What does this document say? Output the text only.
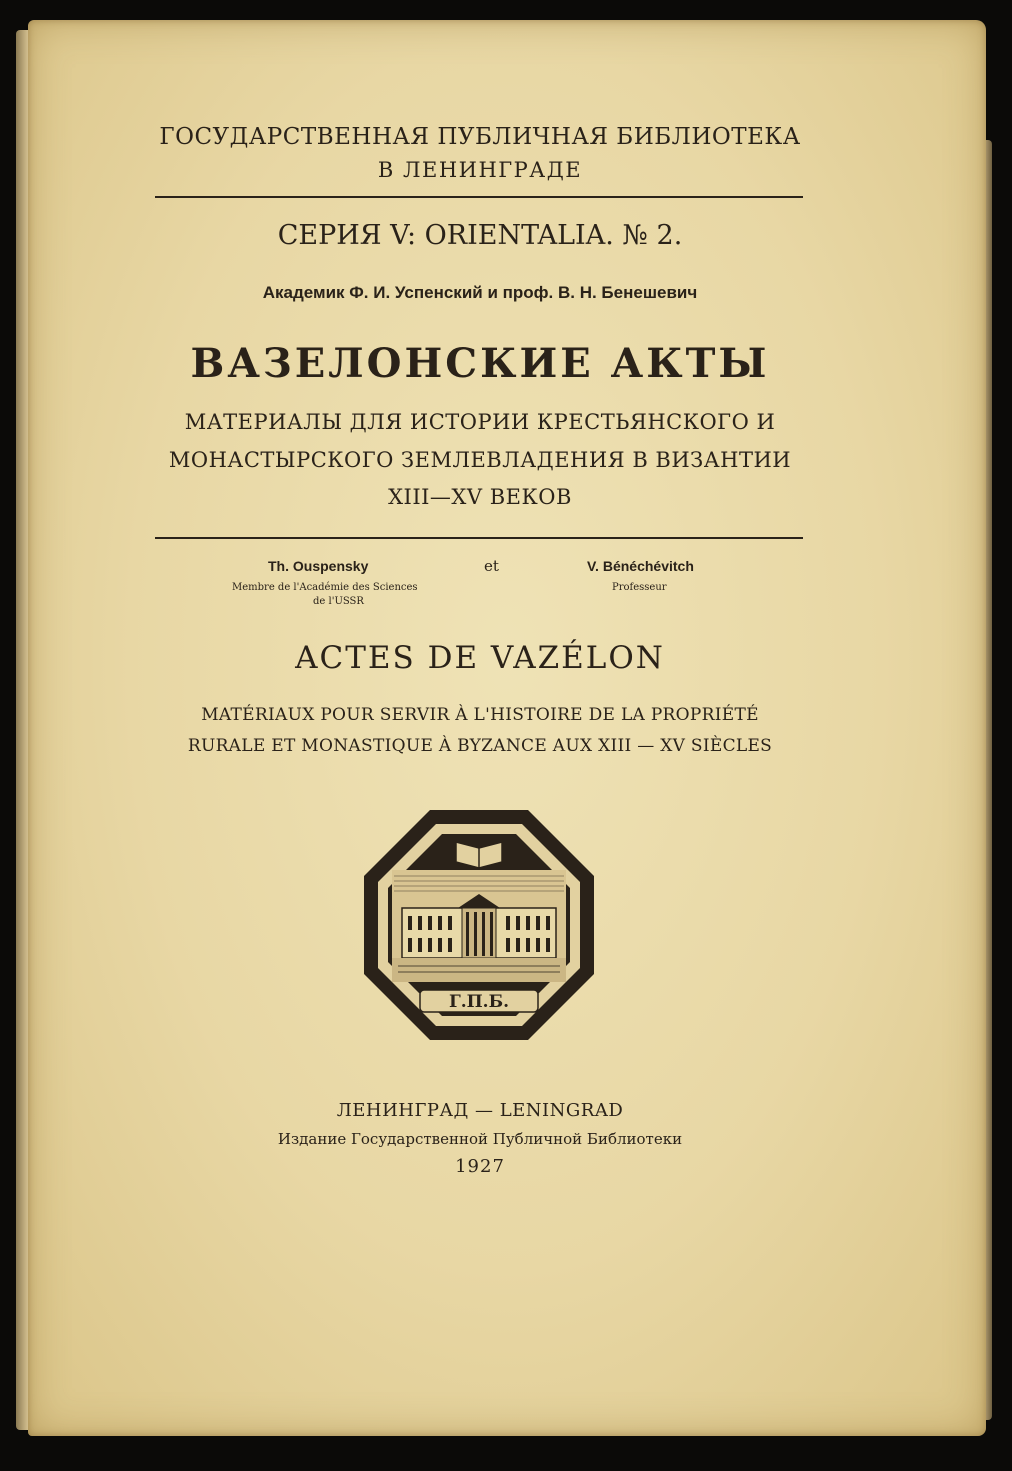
ГОСУДАРСТВЕННАЯ ПУБЛИЧНАЯ БИБЛИОТЕКА
В ЛЕНИНГРАДЕ
СЕРИЯ V: ORIENTALIA. № 2.
Академик Ф. И. Успенский и проф. В. Н. Бенешевич
ВАЗЕЛОНСКИЕ АКТЫ
МАТЕРИАЛЫ ДЛЯ ИСТОРИИ КРЕСТЬЯНСКОГО И
МОНАСТЫРСКОГО ЗЕМЛЕВЛАДЕНИЯ В ВИЗАНТИИ
XIII—XV ВЕКОВ
Th. Ouspensky
Membre de l'Académie des Sciences
de l'USSR
et	V. Bénéchévitch
Professeur
ACTES DE VAZÉLON
MATÉRIAUX POUR SERVIR À L'HISTOIRE DE LA PROPRIÉTÉ
RURALE ET MONASTIQUE À BYZANCE AUX XIII — XV SIÈCLES
Г.П.Б.
ЛЕНИНГРАД — LENINGRAD
Издание Государственной Публичной Библиотеки
1927
